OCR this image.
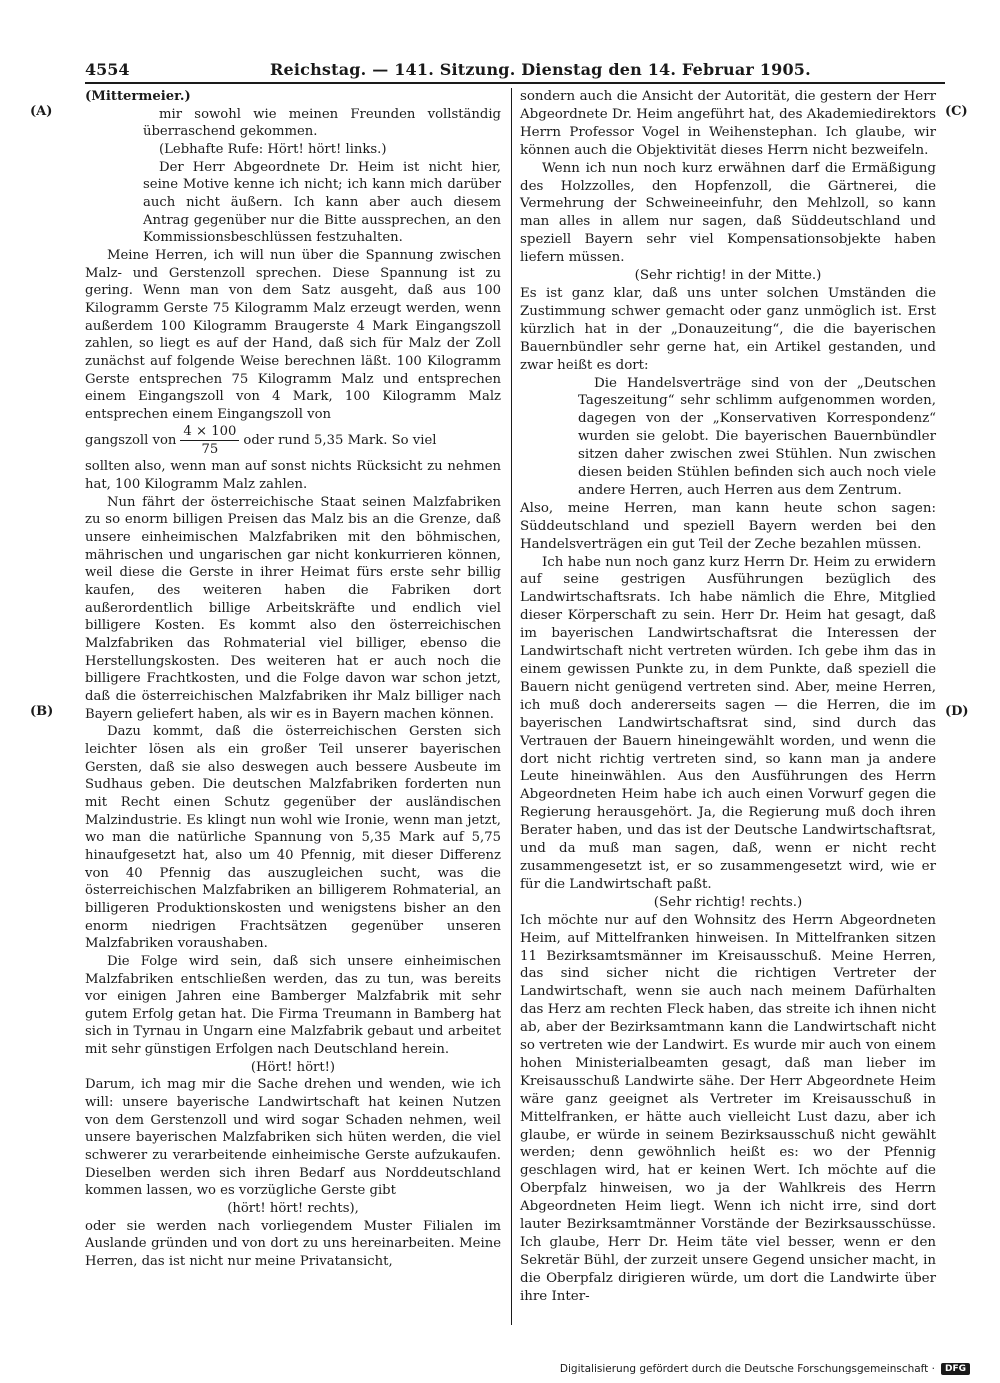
4554	Reichstag. — 141. Sitzung. Dienstag den 14. Februar 1905.
(A)
(B)
(C)
(D)

(Mittermeier.)

mir sowohl wie meinen Freunden vollständig überraschend gekommen.

(Lebhafte Rufe: Hört! hört! links.)

Der Herr Abgeordnete Dr. Heim ist nicht hier, seine Motive kenne ich nicht; ich kann mich darüber auch nicht äußern. Ich kann aber auch diesem Antrag gegenüber nur die Bitte aussprechen, an den Kommissionsbeschlüssen festzuhalten.

Meine Herren, ich will nun über die Spannung zwischen Malz- und Gerstenzoll sprechen. Diese Spannung ist zu gering. Wenn man von dem Satz ausgeht, daß aus 100 Kilogramm Gerste 75 Kilogramm Malz erzeugt werden, wenn außerdem 100 Kilogramm Braugerste 4 Mark Eingangszoll zahlen, so liegt es auf der Hand, daß sich für Malz der Zoll zunächst auf folgende Weise berechnen läßt. 100 Kilogramm Gerste entsprechen 75 Kilogramm Malz und entsprechen einem Eingangszoll von 4 Mark, 100 Kilogramm Malz entsprechen einem Eingangszoll von

gangszoll von $\frac{4 \times 100}{75}$ oder rund 5,35 Mark. So viel

sollten also, wenn man auf sonst nichts Rücksicht zu nehmen hat, 100 Kilogramm Malz zahlen.

Nun fährt der österreichische Staat seinen Malzfabriken zu so enorm billigen Preisen das Malz bis an die Grenze, daß unsere einheimischen Malzfabriken mit den böhmischen, mährischen und ungarischen gar nicht konkurrieren können, weil diese die Gerste in ihrer Heimat fürs erste sehr billig kaufen, des weiteren haben die Fabriken dort außerordentlich billige Arbeitskräfte und endlich viel billigere Kosten. Es kommt also den österreichischen Malzfabriken das Rohmaterial viel billiger, ebenso die Herstellungskosten. Des weiteren hat er auch noch die billigere Frachtkosten, und die Folge davon war schon jetzt, daß die österreichischen Malzfabriken ihr Malz billiger nach Bayern geliefert haben, als wir es in Bayern machen können.

Dazu kommt, daß die österreichischen Gersten sich leichter lösen als ein großer Teil unserer bayerischen Gersten, daß sie also deswegen auch bessere Ausbeute im Sudhaus geben. Die deutschen Malzfabriken forderten nun mit Recht einen Schutz gegenüber der ausländischen Malzindustrie. Es klingt nun wohl wie Ironie, wenn man jetzt, wo man die natürliche Spannung von 5,35 Mark auf 5,75 hinaufgesetzt hat, also um 40 Pfennig, mit dieser Differenz von 40 Pfennig das auszugleichen sucht, was die österreichischen Malzfabriken an billigerem Rohmaterial, an billigeren Produktionskosten und wenigstens bisher an den enorm niedrigen Frachtsätzen gegenüber unseren Malzfabriken voraushaben.

Die Folge wird sein, daß sich unsere einheimischen Malzfabriken entschließen werden, das zu tun, was bereits vor einigen Jahren eine Bamberger Malzfabrik mit sehr gutem Erfolg getan hat. Die Firma Treumann in Bamberg hat sich in Tyrnau in Ungarn eine Malzfabrik gebaut und arbeitet mit sehr günstigen Erfolgen nach Deutschland herein.

(Hört! hört!)

Darum, ich mag mir die Sache drehen und wenden, wie ich will: unsere bayerische Landwirtschaft hat keinen Nutzen von dem Gerstenzoll und wird sogar Schaden nehmen, weil unsere bayerischen Malzfabriken sich hüten werden, die viel schwerer zu verarbeitende einheimische Gerste aufzukaufen. Dieselben werden sich ihren Bedarf aus Norddeutschland kommen lassen, wo es vorzügliche Gerste gibt

(hört! hört! rechts),

oder sie werden nach vorliegendem Muster Filialen im Auslande gründen und von dort zu uns hereinarbeiten. Meine Herren, das ist nicht nur meine Privatansicht,

sondern auch die Ansicht der Autorität, die gestern der Herr Abgeordnete Dr. Heim angeführt hat, des Akademiedirektors Herrn Professor Vogel in Weihenstephan. Ich glaube, wir können auch die Objektivität dieses Herrn nicht bezweifeln.

Wenn ich nun noch kurz erwähnen darf die Ermäßigung des Holzzolles, den Hopfenzoll, die Gärtnerei, die Vermehrung der Schweineeinfuhr, den Mehlzoll, so kann man alles in allem nur sagen, daß Süddeutschland und speziell Bayern sehr viel Kompensationsobjekte haben liefern müssen.

(Sehr richtig! in der Mitte.)

Es ist ganz klar, daß uns unter solchen Umständen die Zustimmung schwer gemacht oder ganz unmöglich ist. Erst kürzlich hat in der „Donauzeitung“, die die bayerischen Bauernbündler sehr gerne hat, ein Artikel gestanden, und zwar heißt es dort:

Die Handelsverträge sind von der „Deutschen Tageszeitung“ sehr schlimm aufgenommen worden, dagegen von der „Konservativen Korrespondenz“ wurden sie gelobt. Die bayerischen Bauernbündler sitzen daher zwischen zwei Stühlen. Nun zwischen diesen beiden Stühlen befinden sich auch noch viele andere Herren, auch Herren aus dem Zentrum.

Also, meine Herren, man kann heute schon sagen: Süddeutschland und speziell Bayern werden bei den Handelsverträgen ein gut Teil der Zeche bezahlen müssen.

Ich habe nun noch ganz kurz Herrn Dr. Heim zu erwidern auf seine gestrigen Ausführungen bezüglich des Landwirtschaftsrats. Ich habe nämlich die Ehre, Mitglied dieser Körperschaft zu sein. Herr Dr. Heim hat gesagt, daß im bayerischen Landwirtschaftsrat die Interessen der Landwirtschaft nicht vertreten würden. Ich gebe ihm das in einem gewissen Punkte zu, in dem Punkte, daß speziell die Bauern nicht genügend vertreten sind. Aber, meine Herren, ich muß doch andererseits sagen — die Herren, die im bayerischen Landwirtschaftsrat sind, sind durch das Vertrauen der Bauern hineingewählt worden, und wenn die dort nicht richtig vertreten sind, so kann man ja andere Leute hineinwählen. Aus den Ausführungen des Herrn Abgeordneten Heim habe ich auch einen Vorwurf gegen die Regierung herausgehört. Ja, die Regierung muß doch ihren Berater haben, und das ist der Deutsche Landwirtschaftsrat, und da muß man sagen, daß, wenn er nicht recht zusammengesetzt ist, er so zusammengesetzt wird, wie er für die Landwirtschaft paßt.

(Sehr richtig! rechts.)

Ich möchte nur auf den Wohnsitz des Herrn Abgeordneten Heim, auf Mittelfranken hinweisen. In Mittelfranken sitzen 11 Bezirksamtsmänner im Kreisausschuß. Meine Herren, das sind sicher nicht die richtigen Vertreter der Landwirtschaft, wenn sie auch nach meinem Dafürhalten das Herz am rechten Fleck haben, das streite ich ihnen nicht ab, aber der Bezirksamtmann kann die Landwirtschaft nicht so vertreten wie der Landwirt. Es wurde mir auch von einem hohen Ministerialbeamten gesagt, daß man lieber im Kreisausschuß Landwirte sähe. Der Herr Abgeordnete Heim wäre ganz geeignet als Vertreter im Kreisausschuß in Mittelfranken, er hätte auch vielleicht Lust dazu, aber ich glaube, er würde in seinem Bezirksausschuß nicht gewählt werden; denn gewöhnlich heißt es: wo der Pfennig geschlagen wird, hat er keinen Wert. Ich möchte auf die Oberpfalz hinweisen, wo ja der Wahlkreis des Herrn Abgeordneten Heim liegt. Wenn ich nicht irre, sind dort lauter Bezirksamtmänner Vorstände der Bezirksausschüsse. Ich glaube, Herr Dr. Heim täte viel besser, wenn er den Sekretär Bühl, der zurzeit unsere Gegend unsicher macht, in die Oberpfalz dirigieren würde, um dort die Landwirte über ihre Inter-

Digitalisierung gefördert durch die Deutsche Forschungsgemeinschaft ·	DFG
